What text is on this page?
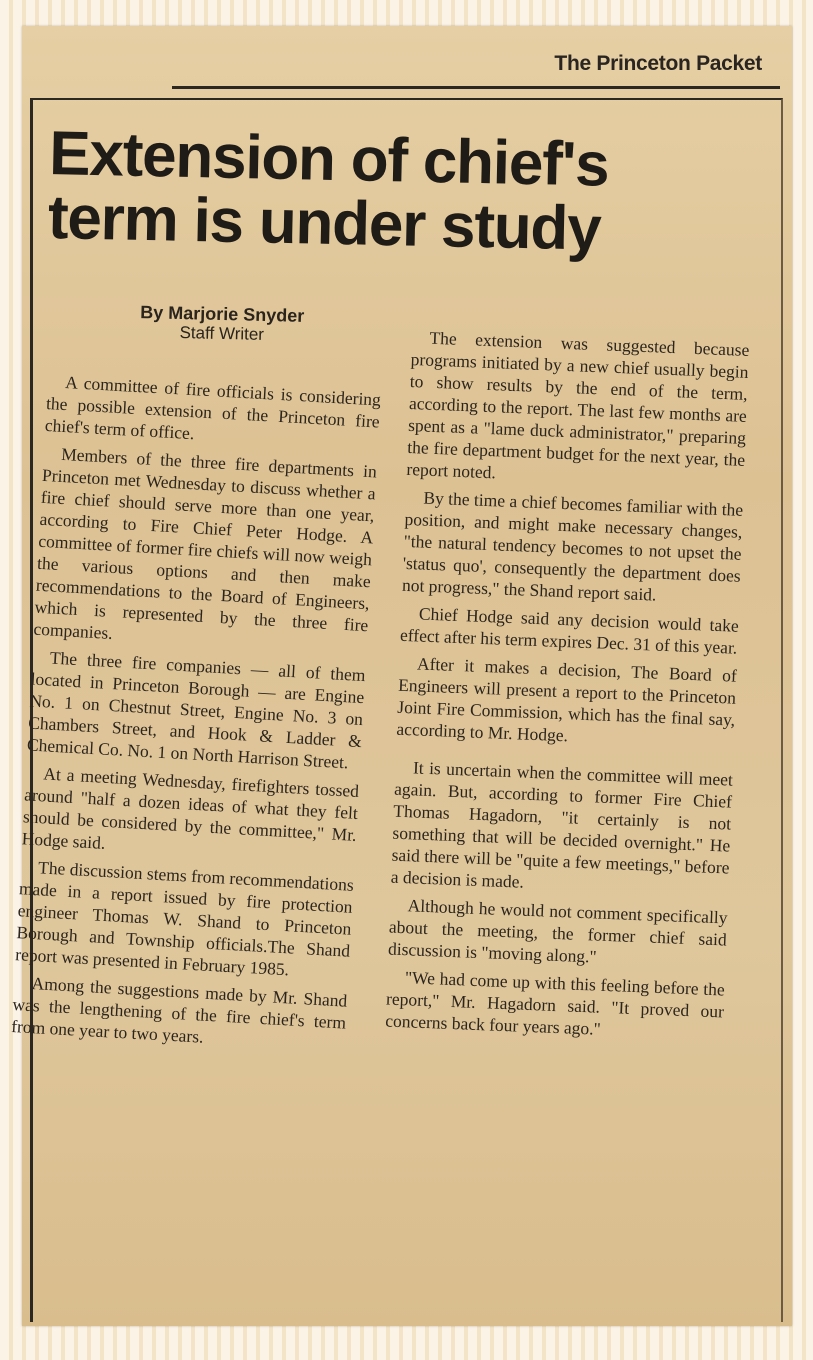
The Princeton Packet
Extension of chief's
term is under study
By Marjorie Snyder
Staff Writer

A committee of fire officials is considering the possible extension of the Princeton fire chief's term of office.

Members of the three fire departments in Princeton met Wednesday to discuss whether a fire chief should serve more than one year, according to Fire Chief Peter Hodge. A committee of former fire chiefs will now weigh the various options and then make recommendations to the Board of Engineers, which is represented by the three fire companies.

The three fire companies — all of them located in Princeton Borough — are Engine No. 1 on Chestnut Street, Engine No. 3 on Chambers Street, and Hook & Ladder & Chemical Co. No. 1 on North Harrison Street.

At a meeting Wednesday, firefighters tossed around "half a dozen ideas of what they felt should be considered by the committee," Mr. Hodge said.

The discussion stems from recommendations made in a report issued by fire protection engineer Thomas W. Shand to Princeton Borough and Township officials.The Shand report was presented in February 1985.

Among the suggestions made by Mr. Shand was the lengthening of the fire chief's term from one year to two years.

The extension was suggested because programs initiated by a new chief usually begin to show results by the end of the term, according to the report. The last few months are spent as a "lame duck administrator," preparing the fire department budget for the next year, the report noted.

By the time a chief becomes familiar with the position, and might make necessary changes, "the natural tendency becomes to not upset the 'status quo', consequently the department does not progress," the Shand report said.

Chief Hodge said any decision would take effect after his term expires Dec. 31 of this year.

After it makes a decision, The Board of Engineers will present a report to the Princeton Joint Fire Commission, which has the final say, according to Mr. Hodge.

It is uncertain when the committee will meet again. But, according to former Fire Chief Thomas Hagadorn, "it certainly is not something that will be decided overnight." He said there will be "quite a few meetings," before a decision is made.

Although he would not comment specifically about the meeting, the former chief said discussion is "moving along."

"We had come up with this feeling before the report," Mr. Hagadorn said. "It proved our concerns back four years ago."
